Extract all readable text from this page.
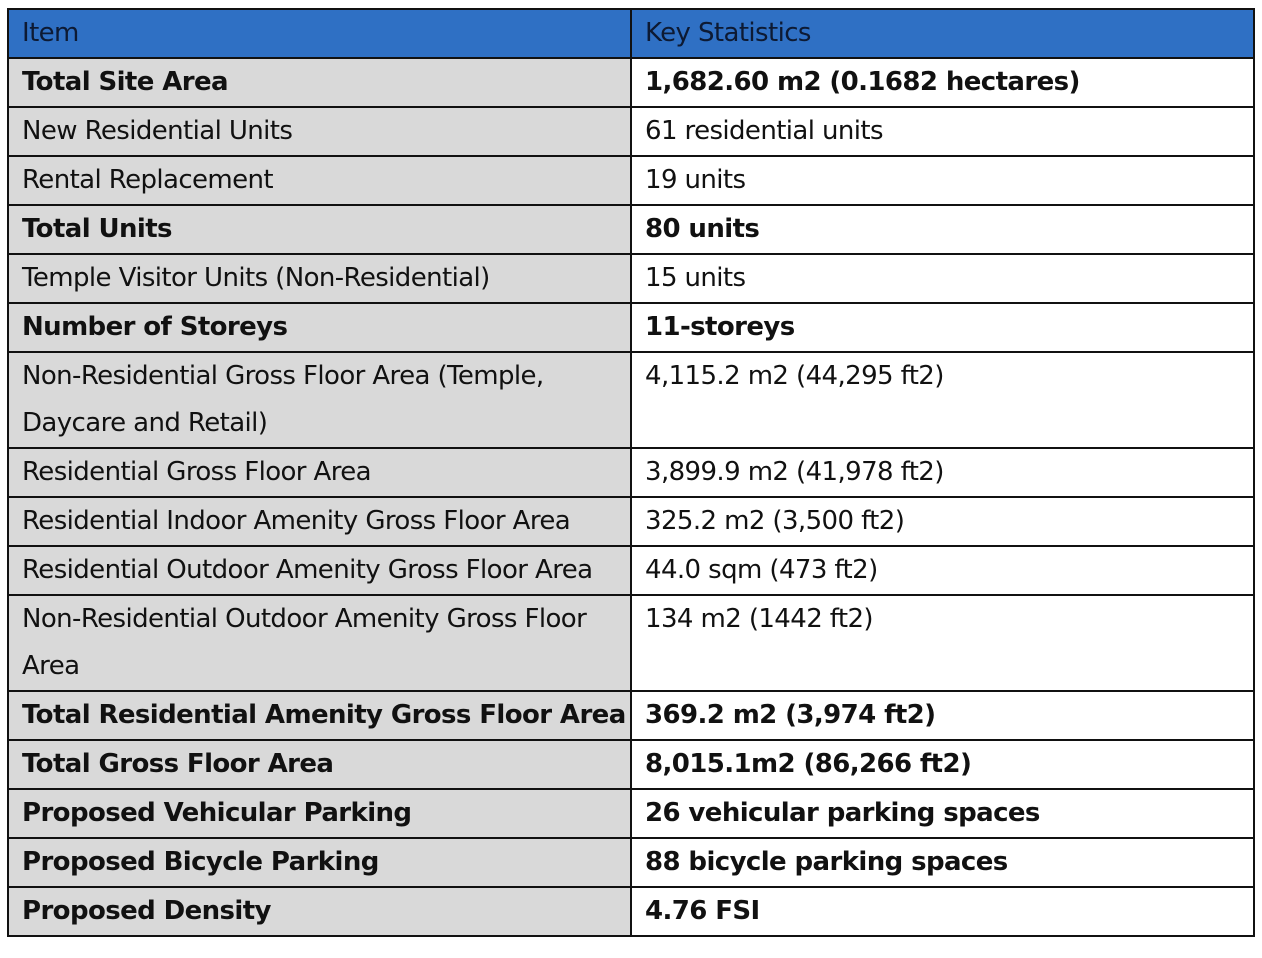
Item	Key Statistics
Total Site Area	1,682.60 m2 (0.1682 hectares)
New Residential Units	61 residential units
Rental Replacement	19 units
Total Units	80 units
Temple Visitor Units (Non-Residential)	15 units
Number of Storeys	11-storeys
Non-Residential Gross Floor Area (Temple, Daycare and Retail)	4,115.2 m2 (44,295 ft2)
Residential Gross Floor Area	3,899.9 m2 (41,978 ft2)
Residential Indoor Amenity Gross Floor Area	325.2 m2 (3,500 ft2)
Residential Outdoor Amenity Gross Floor Area	44.0 sqm (473 ft2)
Non-Residential Outdoor Amenity Gross Floor Area	134 m2 (1442 ft2)
Total Residential Amenity Gross Floor Area	369.2 m2 (3,974 ft2)
Total Gross Floor Area	8,015.1m2 (86,266 ft2)
Proposed Vehicular Parking	26 vehicular parking spaces
Proposed Bicycle Parking	88 bicycle parking spaces
Proposed Density	4.76 FSI
